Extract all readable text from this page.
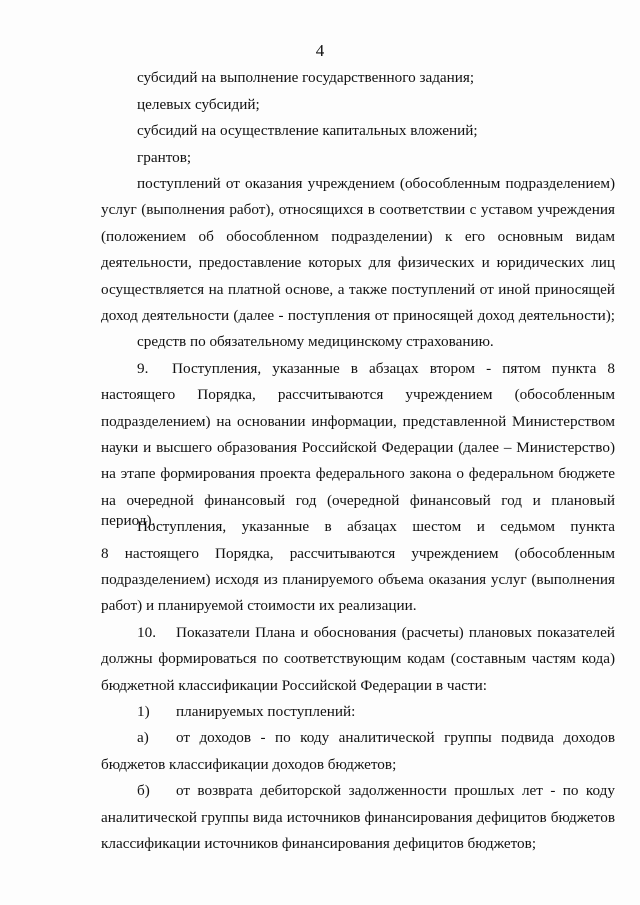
4
субсидий на выполнение государственного задания;
целевых субсидий;
субсидий на осуществление капитальных вложений;
грантов;
поступлений от оказания учреждением (обособленным подразделением)
услуг (выполнения работ), относящихся в соответствии с уставом учреждения
(положением об обособленном подразделении) к его основным видам
деятельности, предоставление которых для физических и юридических лиц
осуществляется на платной основе, а также поступлений от иной приносящей
доход деятельности (далее - поступления от приносящей доход деятельности);
средств по обязательному медицинскому страхованию.
9. Поступления, указанные в абзацах втором - пятом пункта 8
настоящего Порядка, рассчитываются учреждением (обособленным
подразделением) на основании информации, представленной Министерством
науки и высшего образования Российской Федерации (далее – Министерство)
на этапе формирования проекта федерального закона о федеральном бюджете
на очередной финансовый год (очередной финансовый год и плановый период).
Поступления, указанные в абзацах шестом и седьмом пункта
8 настоящего Порядка, рассчитываются учреждением (обособленным
подразделением) исходя из планируемого объема оказания услуг (выполнения
работ) и планируемой стоимости их реализации.
10. Показатели Плана и обоснования (расчеты) плановых показателей
должны формироваться по соответствующим кодам (составным частям кода)
бюджетной классификации Российской Федерации в части:
1) планируемых поступлений:
а) от доходов - по коду аналитической группы подвида доходов
бюджетов классификации доходов бюджетов;
б) от возврата дебиторской задолженности прошлых лет - по коду
аналитической группы вида источников финансирования дефицитов бюджетов
классификации источников финансирования дефицитов бюджетов;
